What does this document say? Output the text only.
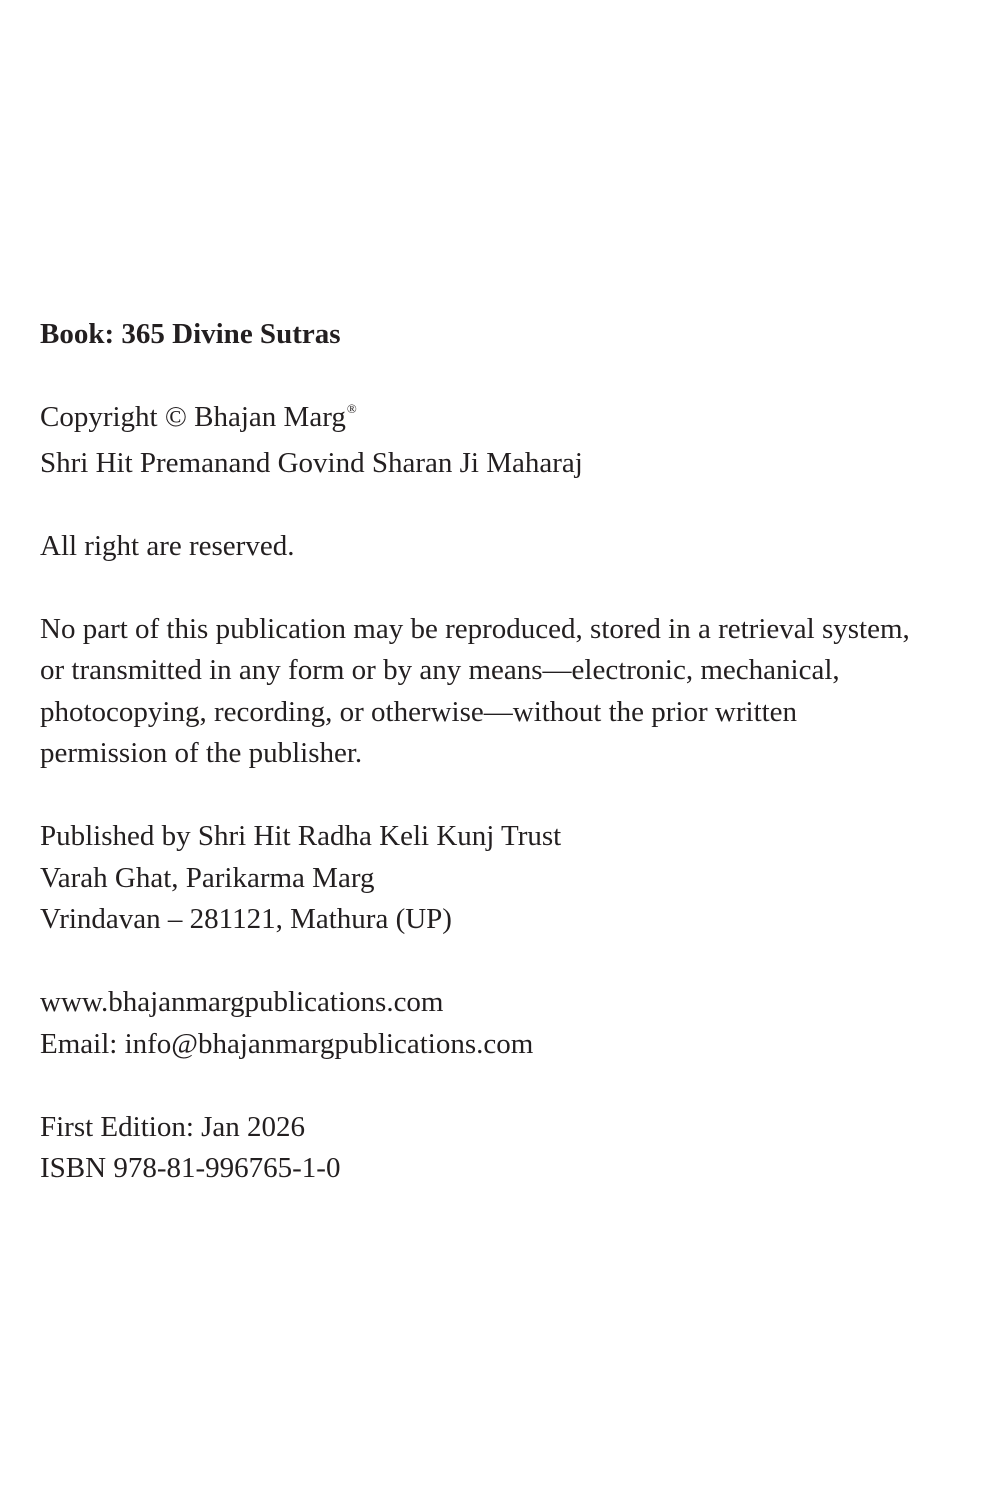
Book: 365 Divine Sutras
Copyright © Bhajan Marg®
Shri Hit Premanand Govind Sharan Ji Maharaj
All right are reserved.
No part of this publication may be reproduced, stored in a retrieval system,
or transmitted in any form or by any means—electronic, mechanical,
photocopying, recording, or otherwise—without the prior written
permission of the publisher.
Published by Shri Hit Radha Keli Kunj Trust
Varah Ghat, Parikarma Marg
Vrindavan – 281121, Mathura (UP)
www.bhajanmargpublications.com
Email: info@bhajanmargpublications.com
First Edition: Jan 2026
ISBN 978-81-996765-1-0
